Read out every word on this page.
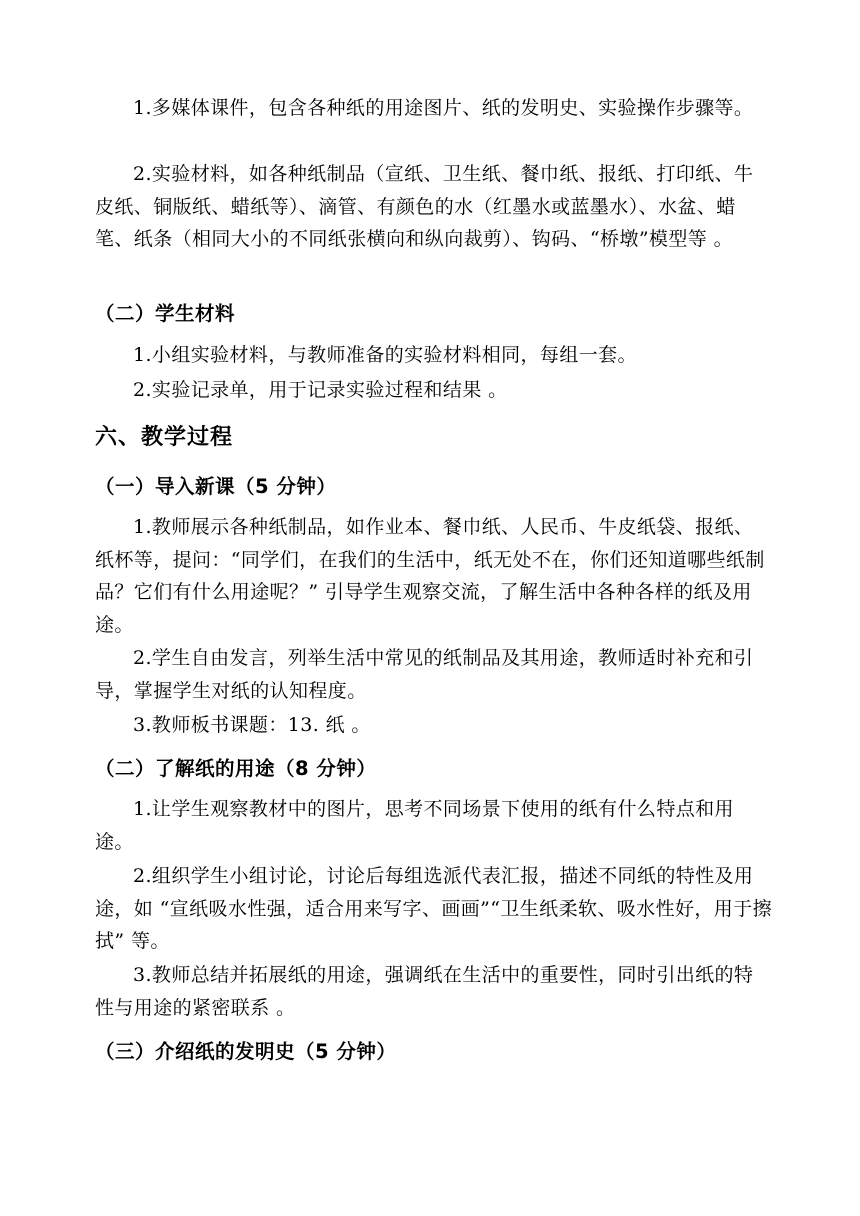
1.多媒体课件，包含各种纸的用途图片、纸的发明史、实验操作步骤等。
2.实验材料，如各种纸制品（宣纸、卫生纸、餐巾纸、报纸、打印纸、牛皮纸、铜版纸、蜡纸等）、滴管、有颜色的水（红墨水或蓝墨水）、水盆、蜡笔、纸条（相同大小的不同纸张横向和纵向裁剪）、钩码、“桥墩”模型等 。
（二）学生材料
1.小组实验材料，与教师准备的实验材料相同，每组一套。
2.实验记录单，用于记录实验过程和结果 。
六、教学过程
（一）导入新课（5 分钟）
1.教师展示各种纸制品，如作业本、餐巾纸、人民币、牛皮纸袋、报纸、纸杯等，提问：“同学们，在我们的生活中，纸无处不在，你们还知道哪些纸制品？它们有什么用途呢？” 引导学生观察交流，了解生活中各种各样的纸及用途。
2.学生自由发言，列举生活中常见的纸制品及其用途，教师适时补充和引导，掌握学生对纸的认知程度。
3.教师板书课题：13. 纸 。
（二）了解纸的用途（8 分钟）
1.让学生观察教材中的图片，思考不同场景下使用的纸有什么特点和用途。
2.组织学生小组讨论，讨论后每组选派代表汇报，描述不同纸的特性及用途，如 “宣纸吸水性强，适合用来写字、画画”“卫生纸柔软、吸水性好，用于擦拭” 等。
3.教师总结并拓展纸的用途，强调纸在生活中的重要性，同时引出纸的特性与用途的紧密联系 。
（三）介绍纸的发明史（5 分钟）
